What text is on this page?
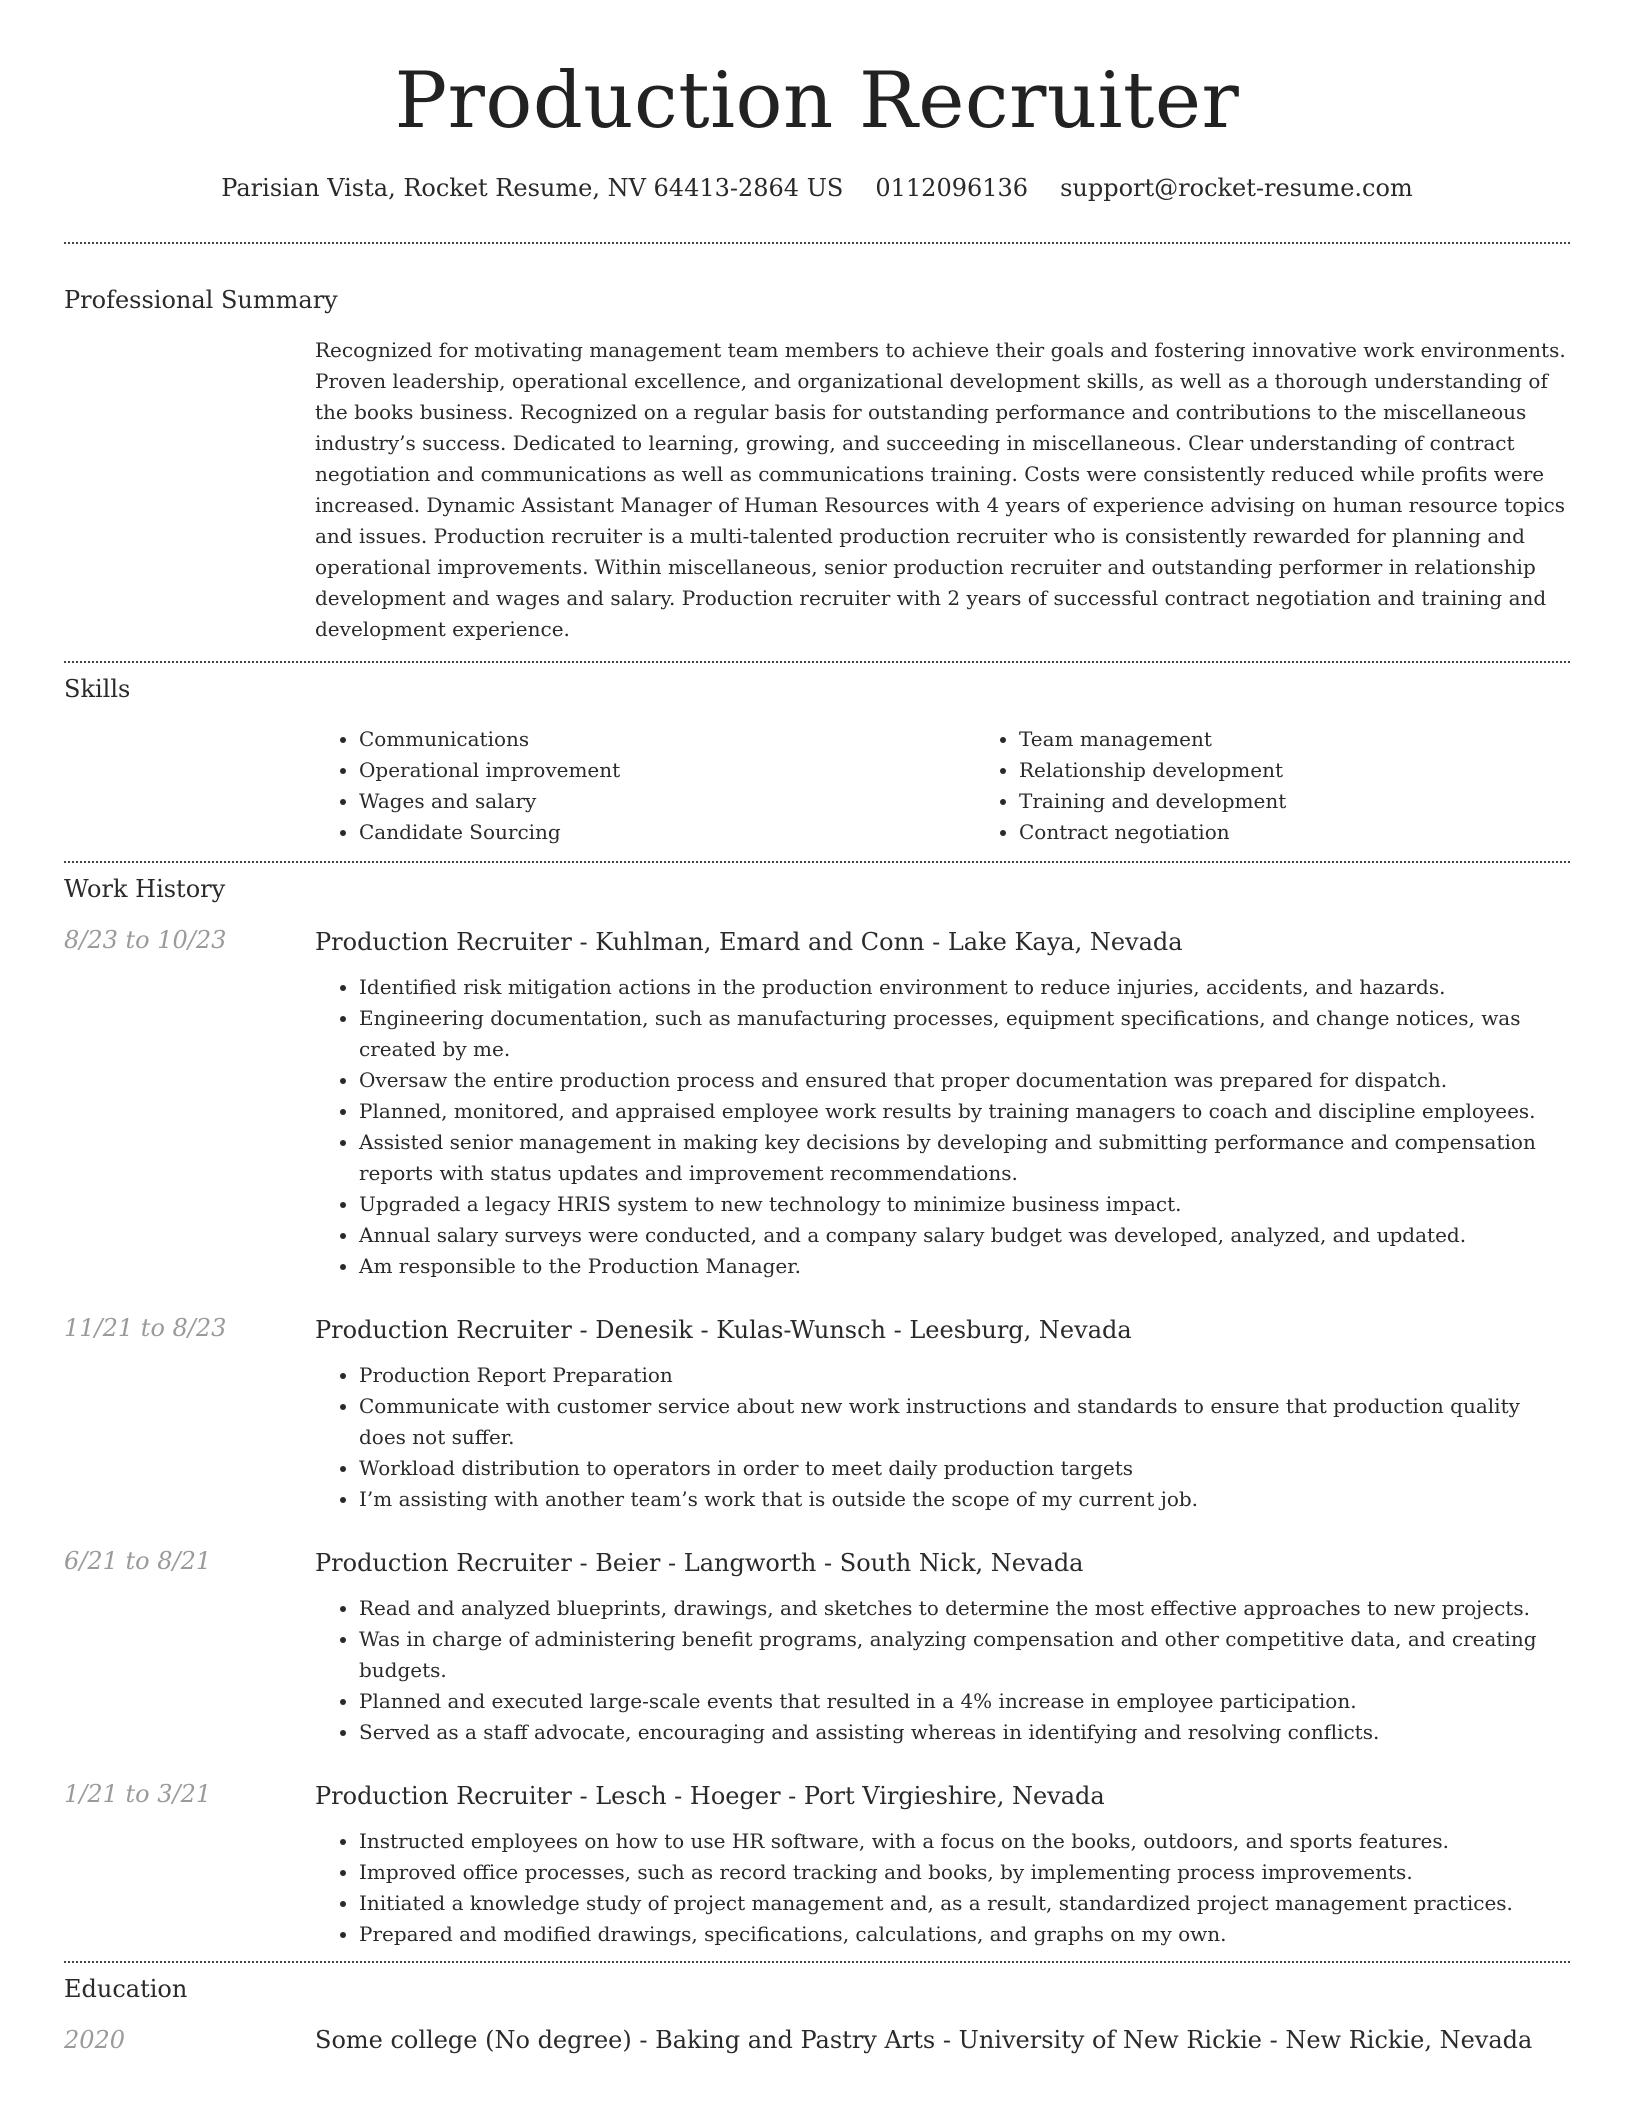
Production Recruiter
Parisian Vista, Rocket Resume, NV 64413-2864 US 0112096136 support@rocket-resume.com
Professional Summary

Recognized for motivating management team members to achieve their goals and fostering innovative work environments. Proven leadership, operational excellence, and organizational development skills, as well as a thorough understanding of the books business. Recognized on a regular basis for outstanding performance and contributions to the miscellaneous industry’s success. Dedicated to learning, growing, and succeeding in miscellaneous. Clear understanding of contract negotiation and communications as well as communications training. Costs were consistently reduced while profits were increased. Dynamic Assistant Manager of Human Resources with 4 years of experience advising on human resource topics and issues. Production recruiter is a multi-talented production recruiter who is consistently rewarded for planning and operational improvements. Within miscellaneous, senior production recruiter and outstanding performer in relationship development and wages and salary. Production recruiter with 2 years of successful contract negotiation and training and development experience.

Skills
• Communications
• Operational improvement
• Wages and salary
• Candidate Sourcing
• Team management
• Relationship development
• Training and development
• Contract negotiation
Work History
8/23 to 10/23	Production Recruiter - Kuhlman, Emard and Conn - Lake Kaya, Nevada
• Identified risk mitigation actions in the production environment to reduce injuries, accidents, and hazards.
• Engineering documentation, such as manufacturing processes, equipment specifications, and change notices, was created by me.
• Oversaw the entire production process and ensured that proper documentation was prepared for dispatch.
• Planned, monitored, and appraised employee work results by training managers to coach and discipline employees.
• Assisted senior management in making key decisions by developing and submitting performance and compensation reports with status updates and improvement recommendations.
• Upgraded a legacy HRIS system to new technology to minimize business impact.
• Annual salary surveys were conducted, and a company salary budget was developed, analyzed, and updated.
• Am responsible to the Production Manager.
11/21 to 8/23	Production Recruiter - Denesik - Kulas-Wunsch - Leesburg, Nevada
• Production Report Preparation
• Communicate with customer service about new work instructions and standards to ensure that production quality does not suffer.
• Workload distribution to operators in order to meet daily production targets
• I’m assisting with another team’s work that is outside the scope of my current job.
6/21 to 8/21	Production Recruiter - Beier - Langworth - South Nick, Nevada
• Read and analyzed blueprints, drawings, and sketches to determine the most effective approaches to new projects.
• Was in charge of administering benefit programs, analyzing compensation and other competitive data, and creating budgets.
• Planned and executed large-scale events that resulted in a 4% increase in employee participation.
• Served as a staff advocate, encouraging and assisting whereas in identifying and resolving conflicts.
1/21 to 3/21	Production Recruiter - Lesch - Hoeger - Port Virgieshire, Nevada
• Instructed employees on how to use HR software, with a focus on the books, outdoors, and sports features.
• Improved office processes, such as record tracking and books, by implementing process improvements.
• Initiated a knowledge study of project management and, as a result, standardized project management practices.
• Prepared and modified drawings, specifications, calculations, and graphs on my own.
Education
2020	Some college (No degree) - Baking and Pastry Arts - University of New Rickie - New Rickie, Nevada
